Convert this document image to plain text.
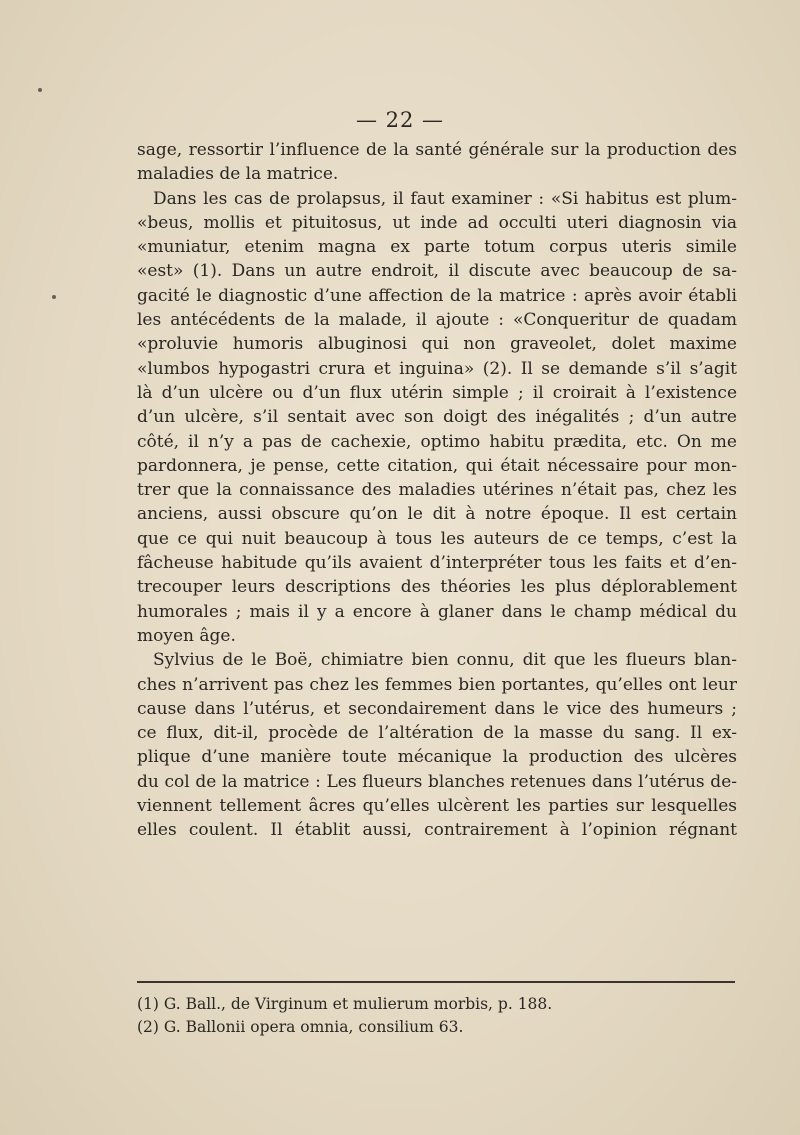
— 22 —
sage, ressortir l’influence de la santé générale sur la production des
maladies de la matrice.
Dans les cas de prolapsus, il faut examiner : «Si habitus est plum-
«beus, mollis et pituitosus, ut inde ad occulti uteri diagnosin via
«muniatur, etenim magna ex parte totum corpus uteris simile
«est» (1). Dans un autre endroit, il discute avec beaucoup de sa-
gacité le diagnostic d’une affection de la matrice : après avoir établi
les antécédents de la malade, il ajoute : «Conqueritur de quadam
«proluvie humoris albuginosi qui non graveolet, dolet maxime
«lumbos hypogastri crura et inguina» (2). Il se demande s’il s’agit
là d’un ulcère ou d’un flux utérin simple ; il croirait à l’existence
d’un ulcère, s’il sentait avec son doigt des inégalités ; d’un autre
côté, il n’y a pas de cachexie, optimo habitu prædita, etc. On me
pardonnera, je pense, cette citation, qui était nécessaire pour mon-
trer que la connaissance des maladies utérines n’était pas, chez les
anciens, aussi obscure qu’on le dit à notre époque. Il est certain
que ce qui nuit beaucoup à tous les auteurs de ce temps, c’est la
fâcheuse habitude qu’ils avaient d’interpréter tous les faits et d’en-
trecouper leurs descriptions des théories les plus déplorablement
humorales ; mais il y a encore à glaner dans le champ médical du
moyen âge.
Sylvius de le Boë, chimiatre bien connu, dit que les flueurs blan-
ches n’arrivent pas chez les femmes bien portantes, qu’elles ont leur
cause dans l’utérus, et secondairement dans le vice des humeurs ;
ce flux, dit-il, procède de l’altération de la masse du sang. Il ex-
plique d’une manière toute mécanique la production des ulcères
du col de la matrice : Les flueurs blanches retenues dans l’utérus de-
viennent tellement âcres qu’elles ulcèrent les parties sur lesquelles
elles coulent. Il établit aussi, contrairement à l’opinion régnant
(1) G. Ball., de Virginum et mulierum morbis, p. 188.
(2) G. Ballonii opera omnia, consilium 63.
